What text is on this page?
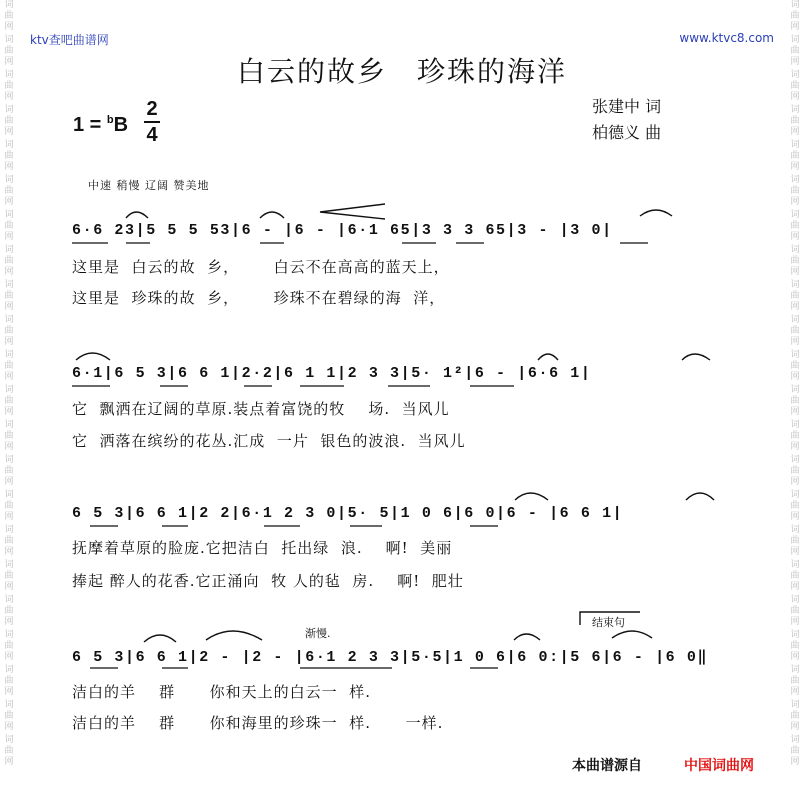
词
曲
网
词
曲
网
词
曲
网
词
曲
网
词
曲
网
词
曲
网
词
曲
网
词
曲
网
词
曲
网
词
曲
网
词
曲
网
词
曲
网
词
曲
网
词
曲
网
词
曲
网
词
曲
网
词
曲
网
词
曲
网
词
曲
网
词
曲
网
词
曲
网
词
曲
网
词
曲
网
词
曲
网
词
曲
网
词
曲
网
词
曲
网
词
曲
网
词
曲
网
词
曲
网
词
曲
网
词
曲
网
词
曲
网
词
曲
网
词
曲
网
词
曲
网
词
曲
网
词
曲
网
词
曲
网
词
曲
网
词
曲
网
词
曲
网
词
曲
网
词
曲
网
ktv查吧曲谱网	www.ktvc8.com
白云的故乡　珍珠的海洋
1 = $^b$B
2
4
张建中 词
柏德义 曲
中速 稍慢 辽阔 赞美地
6·6 23|5 5 5 53|6 - |6 - |6·1 65|3 3 3 65|3 - |3 0|
这里是  白云的故  乡，      白云不在高高的蓝天上，
这里是  珍珠的故  乡，      珍珠不在碧绿的海  洋，
6·1|6 5 3|6 6 1|2·2|6 1 1|2 3 3|5· 1²|6 - |6·6 1|
它  飘洒在辽阔的草原.装点着富饶的牧    场.  当风儿
它  洒落在缤纷的花丛.汇成  一片  银色的波浪.  当风儿
6 5 3|6 6 1|2 2|6·1 2 3 0|5· 5|1 0 6|6 0|6 - |6 6 1|
抚摩着草原的脸庞.它把洁白  托出绿  浪.    啊!  美丽
捧起 醉人的花香.它正涌向  牧 人的毡  房.    啊!  肥壮
渐慢.
结束句
6 5 3|6 6 1|2 - |2 - |6·1 2 3 3|5·5|1 0 6|6 0:|5 6|6 - |6 0‖
洁白的羊    群      你和天上的白云一  样.
洁白的羊    群      你和海里的珍珠一  样.      一样.
本曲谱源自	中国词曲网
